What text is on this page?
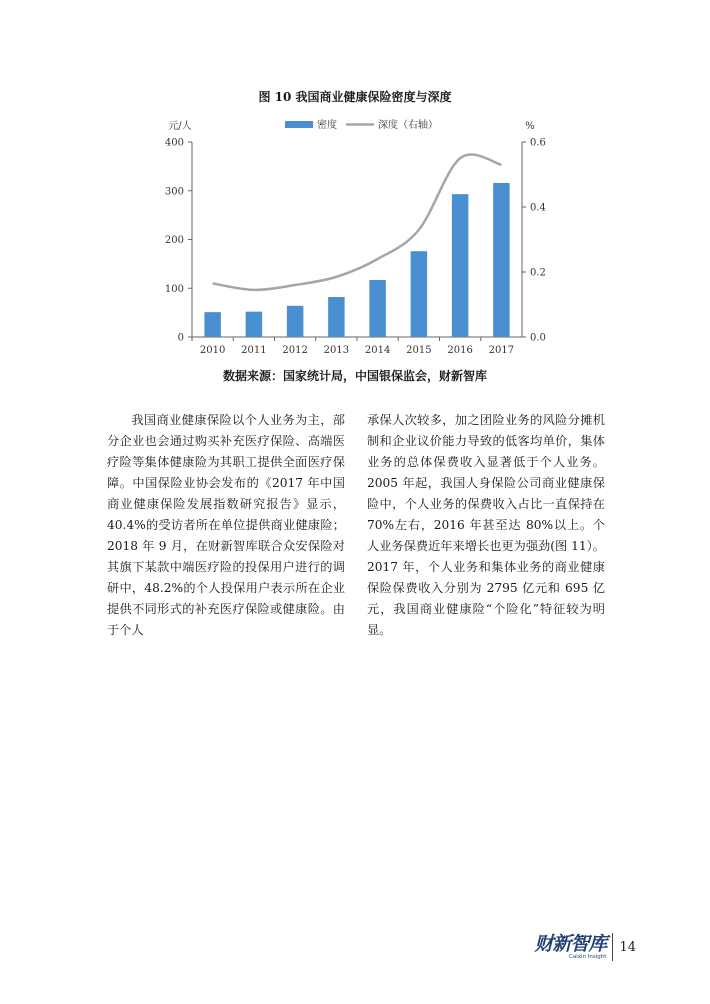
图 10 我国商业健康保险密度与深度
0
100
200
300
400
0.0
0.2
0.4
0.6
元/人	%
2010 2011 2012 2013 2014 2015 2016 2017
密度	深度（右轴）
数据来源：国家统计局，中国银保监会，财新智库

我国商业健康保险以个人业务为主，部分企业也会通过购买补充医疗保险、高端医疗险等集体健康险为其职工提供全面医疗保障。中国保险业协会发布的《2017 年中国商业健康保险发展指数研究报告》显示，40.4%的受访者所在单位提供商业健康险；2018 年 9 月，在财新智库联合众安保险对其旗下某款中端医疗险的投保用户进行的调研中，48.2%的个人投保用户表示所在企业提供不同形式的补充医疗保险或健康险。由于个人

承保人次较多，加之团险业务的风险分摊机制和企业议价能力导致的低客均单价，集体业务的总体保费收入显著低于个人业务。2005 年起，我国人身保险公司商业健康保险中，个人业务的保费收入占比一直保持在 70%左右，2016 年甚至达 80%以上。个人业务保费近年来增长也更为强劲(图 11）。2017 年，个人业务和集体业务的商业健康保险保费收入分别为 2795 亿元和 695 亿元，我国商业健康险“个险化”特征较为明显。

财新智库
Caixin Insight
14
